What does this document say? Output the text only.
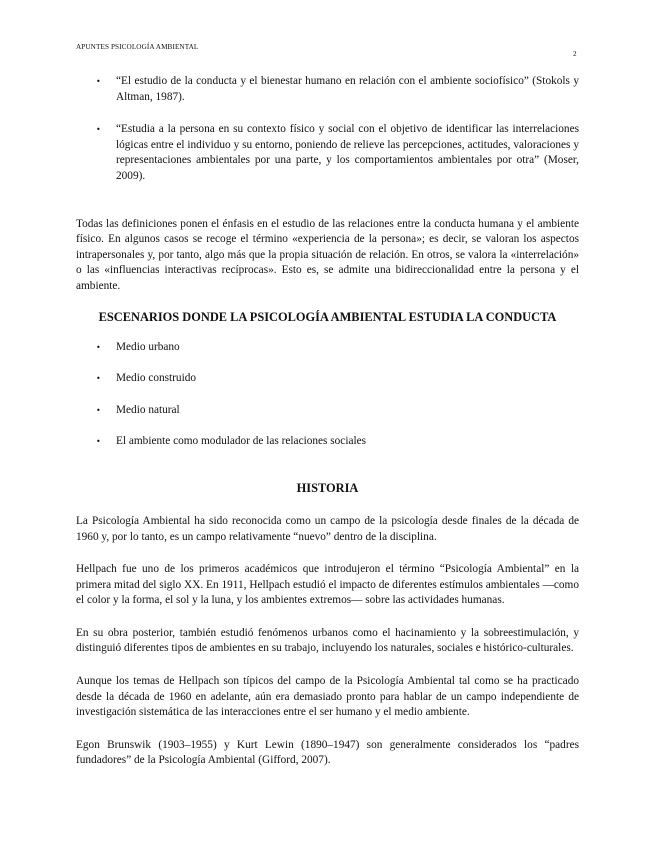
APUNTES PSICOLOGÍA AMBIENTAL
2
• “El estudio de la conducta y el bienestar humano en relación con el ambiente sociofísico” (Stokols y Altman, 1987).
• “Estudia a la persona en su contexto físico y social con el objetivo de identificar las interrelaciones lógicas entre el individuo y su entorno, poniendo de relieve las percepciones, actitudes, valoraciones y representaciones ambientales por una parte, y los comportamientos ambientales por otra” (Moser, 2009).

Todas las definiciones ponen el énfasis en el estudio de las relaciones entre la conducta humana y el ambiente físico. En algunos casos se recoge el término «experiencia de la persona»; es decir, se valoran los aspectos intrapersonales y, por tanto, algo más que la propia situación de relación. En otros, se valora la «interrelación» o las «influencias interactivas recíprocas». Esto es, se admite una bidireccionalidad entre la persona y el ambiente.

ESCENARIOS DONDE LA PSICOLOGÍA AMBIENTAL ESTUDIA LA CONDUCTA
• Medio urbano
• Medio construido
• Medio natural
• El ambiente como modulador de las relaciones sociales
HISTORIA

La Psicología Ambiental ha sido reconocida como un campo de la psicología desde finales de la década de 1960 y, por lo tanto, es un campo relativamente “nuevo” dentro de la disciplina.

Hellpach fue uno de los primeros académicos que introdujeron el término “Psicología Ambiental” en la primera mitad del siglo XX. En 1911, Hellpach estudió el impacto de diferentes estímulos ambientales —como el color y la forma, el sol y la luna, y los ambientes extremos— sobre las actividades humanas.

En su obra posterior, también estudió fenómenos urbanos como el hacinamiento y la sobreestimulación, y distinguió diferentes tipos de ambientes en su trabajo, incluyendo los naturales, sociales e histórico-culturales.

Aunque los temas de Hellpach son típicos del campo de la Psicología Ambiental tal como se ha practicado desde la década de 1960 en adelante, aún era demasiado pronto para hablar de un campo independiente de investigación sistemática de las interacciones entre el ser humano y el medio ambiente.

Egon Brunswik (1903–1955) y Kurt Lewin (1890–1947) son generalmente considerados los “padres fundadores” de la Psicología Ambiental (Gifford, 2007).
